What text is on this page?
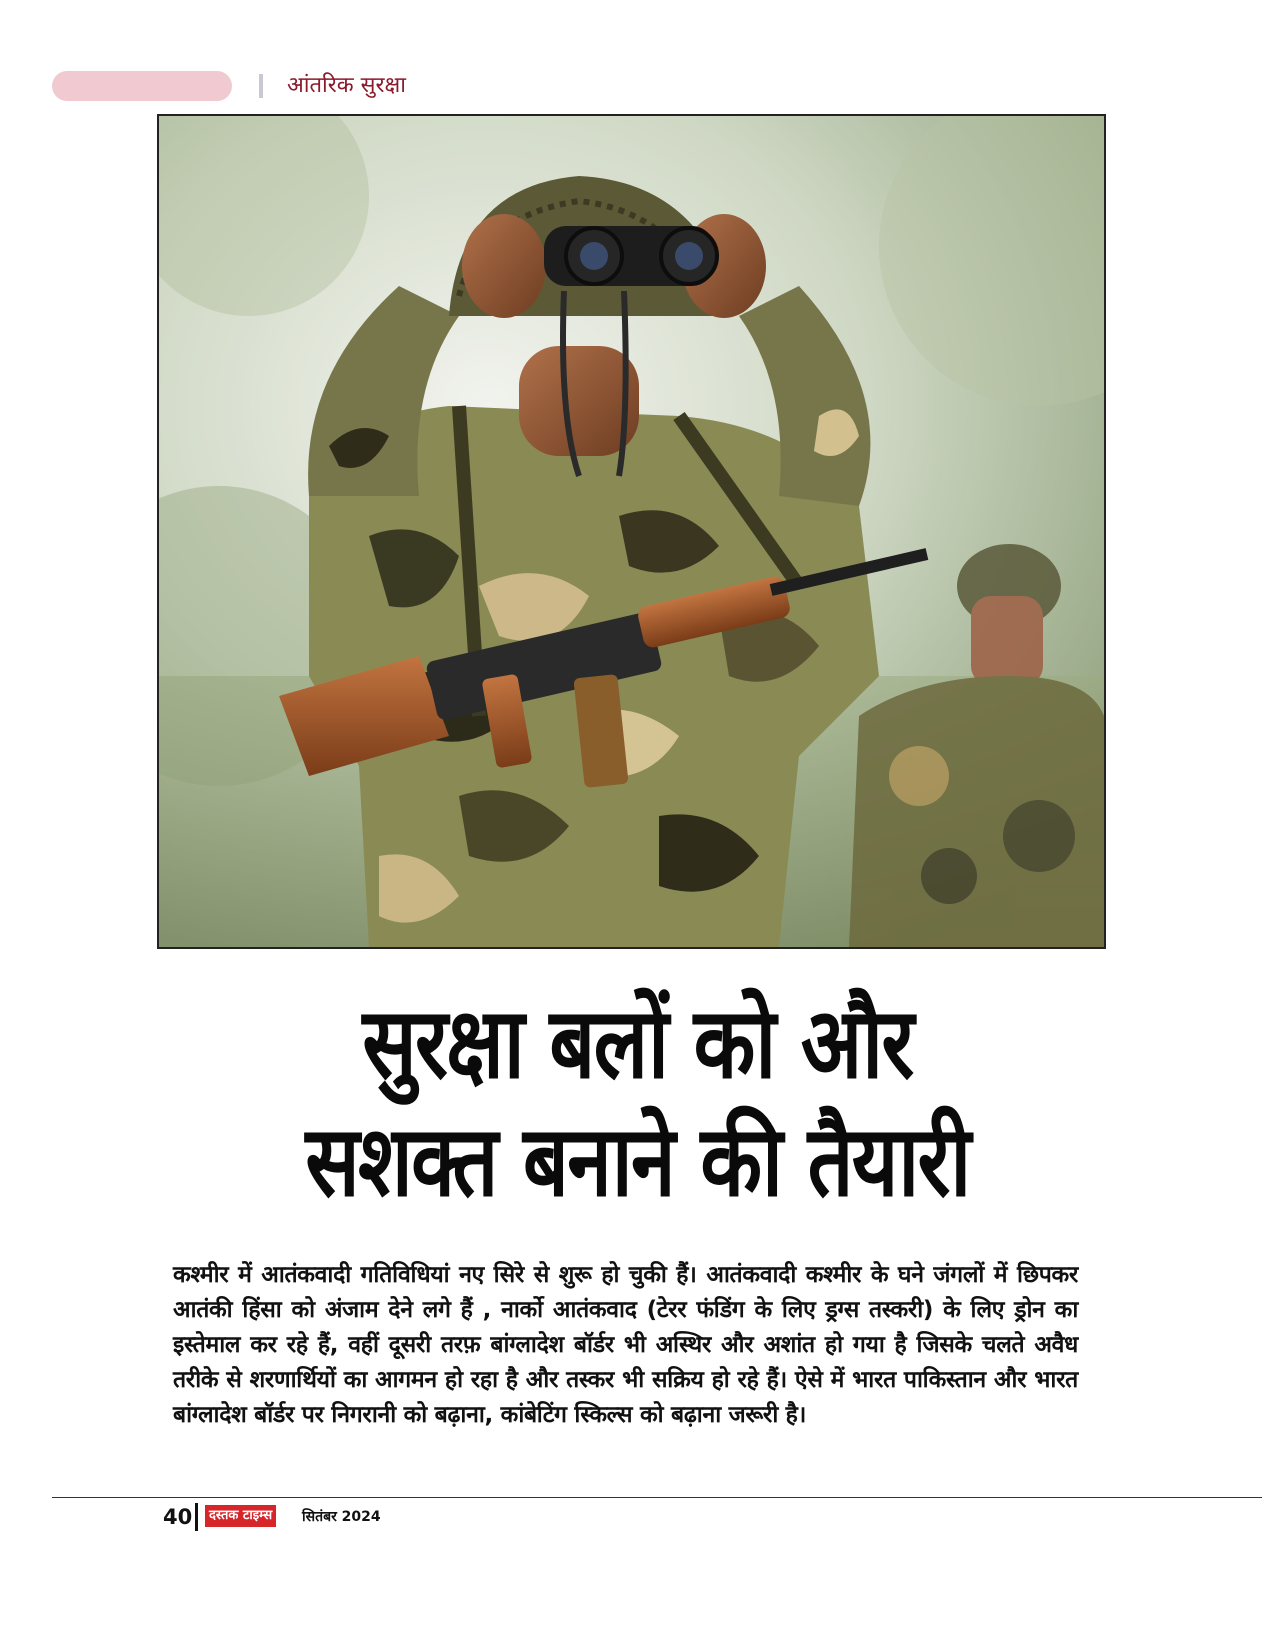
आंतरिक सुरक्षा
सुरक्षा बलों को और
सशक्त बनाने की तैयारी
कश्मीर में आतंकवादी गतिविधियां नए सिरे से शुरू हो चुकी हैं। आतंकवादी कश्मीर के घने जंगलों में छिपकर आतंकी हिंसा को अंजाम देने लगे हैं , नार्को आतंकवाद (टेरर फंडिंग के लिए ड्रग्स तस्करी) के लिए ड्रोन का इस्तेमाल कर रहे हैं, वहीं दूसरी तरफ़ बांग्लादेश बॉर्डर भी अस्थिर और अशांत हो गया है जिसके चलते अवैध तरीके से शरणार्थियों का आगमन हो रहा है और तस्कर भी सक्रिय हो रहे हैं। ऐसे में भारत पाकिस्तान और भारत बांग्लादेश बॉर्डर पर निगरानी को बढ़ाना, कांबेटिंग स्किल्स को बढ़ाना जरूरी है।
40	दस्तक टाइम्स सितंबर 2024
